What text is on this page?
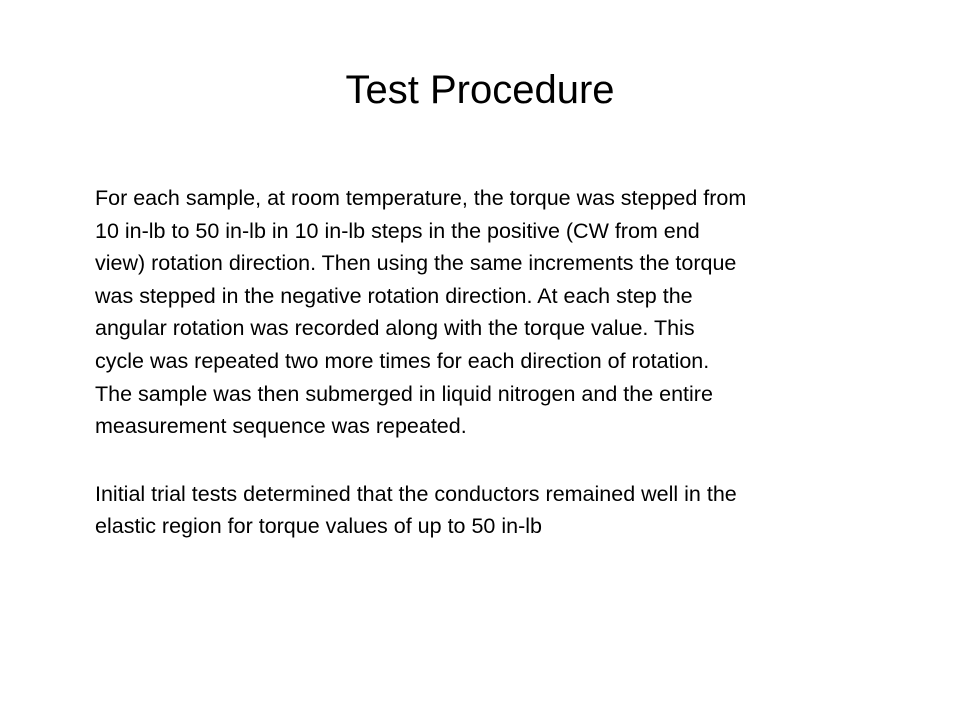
Test Procedure

For each sample, at room temperature, the torque was stepped from
10 in-lb to 50 in-lb in 10 in-lb steps in the positive (CW from end
view) rotation direction. Then using the same increments the torque
was stepped in the negative rotation direction. At each step the
angular rotation was recorded along with the torque value. This
cycle was repeated two more times for each direction of rotation.
The sample was then submerged in liquid nitrogen and the entire
measurement sequence was repeated.

Initial trial tests determined that the conductors remained well in the
elastic region for torque values of up to 50 in-lb
